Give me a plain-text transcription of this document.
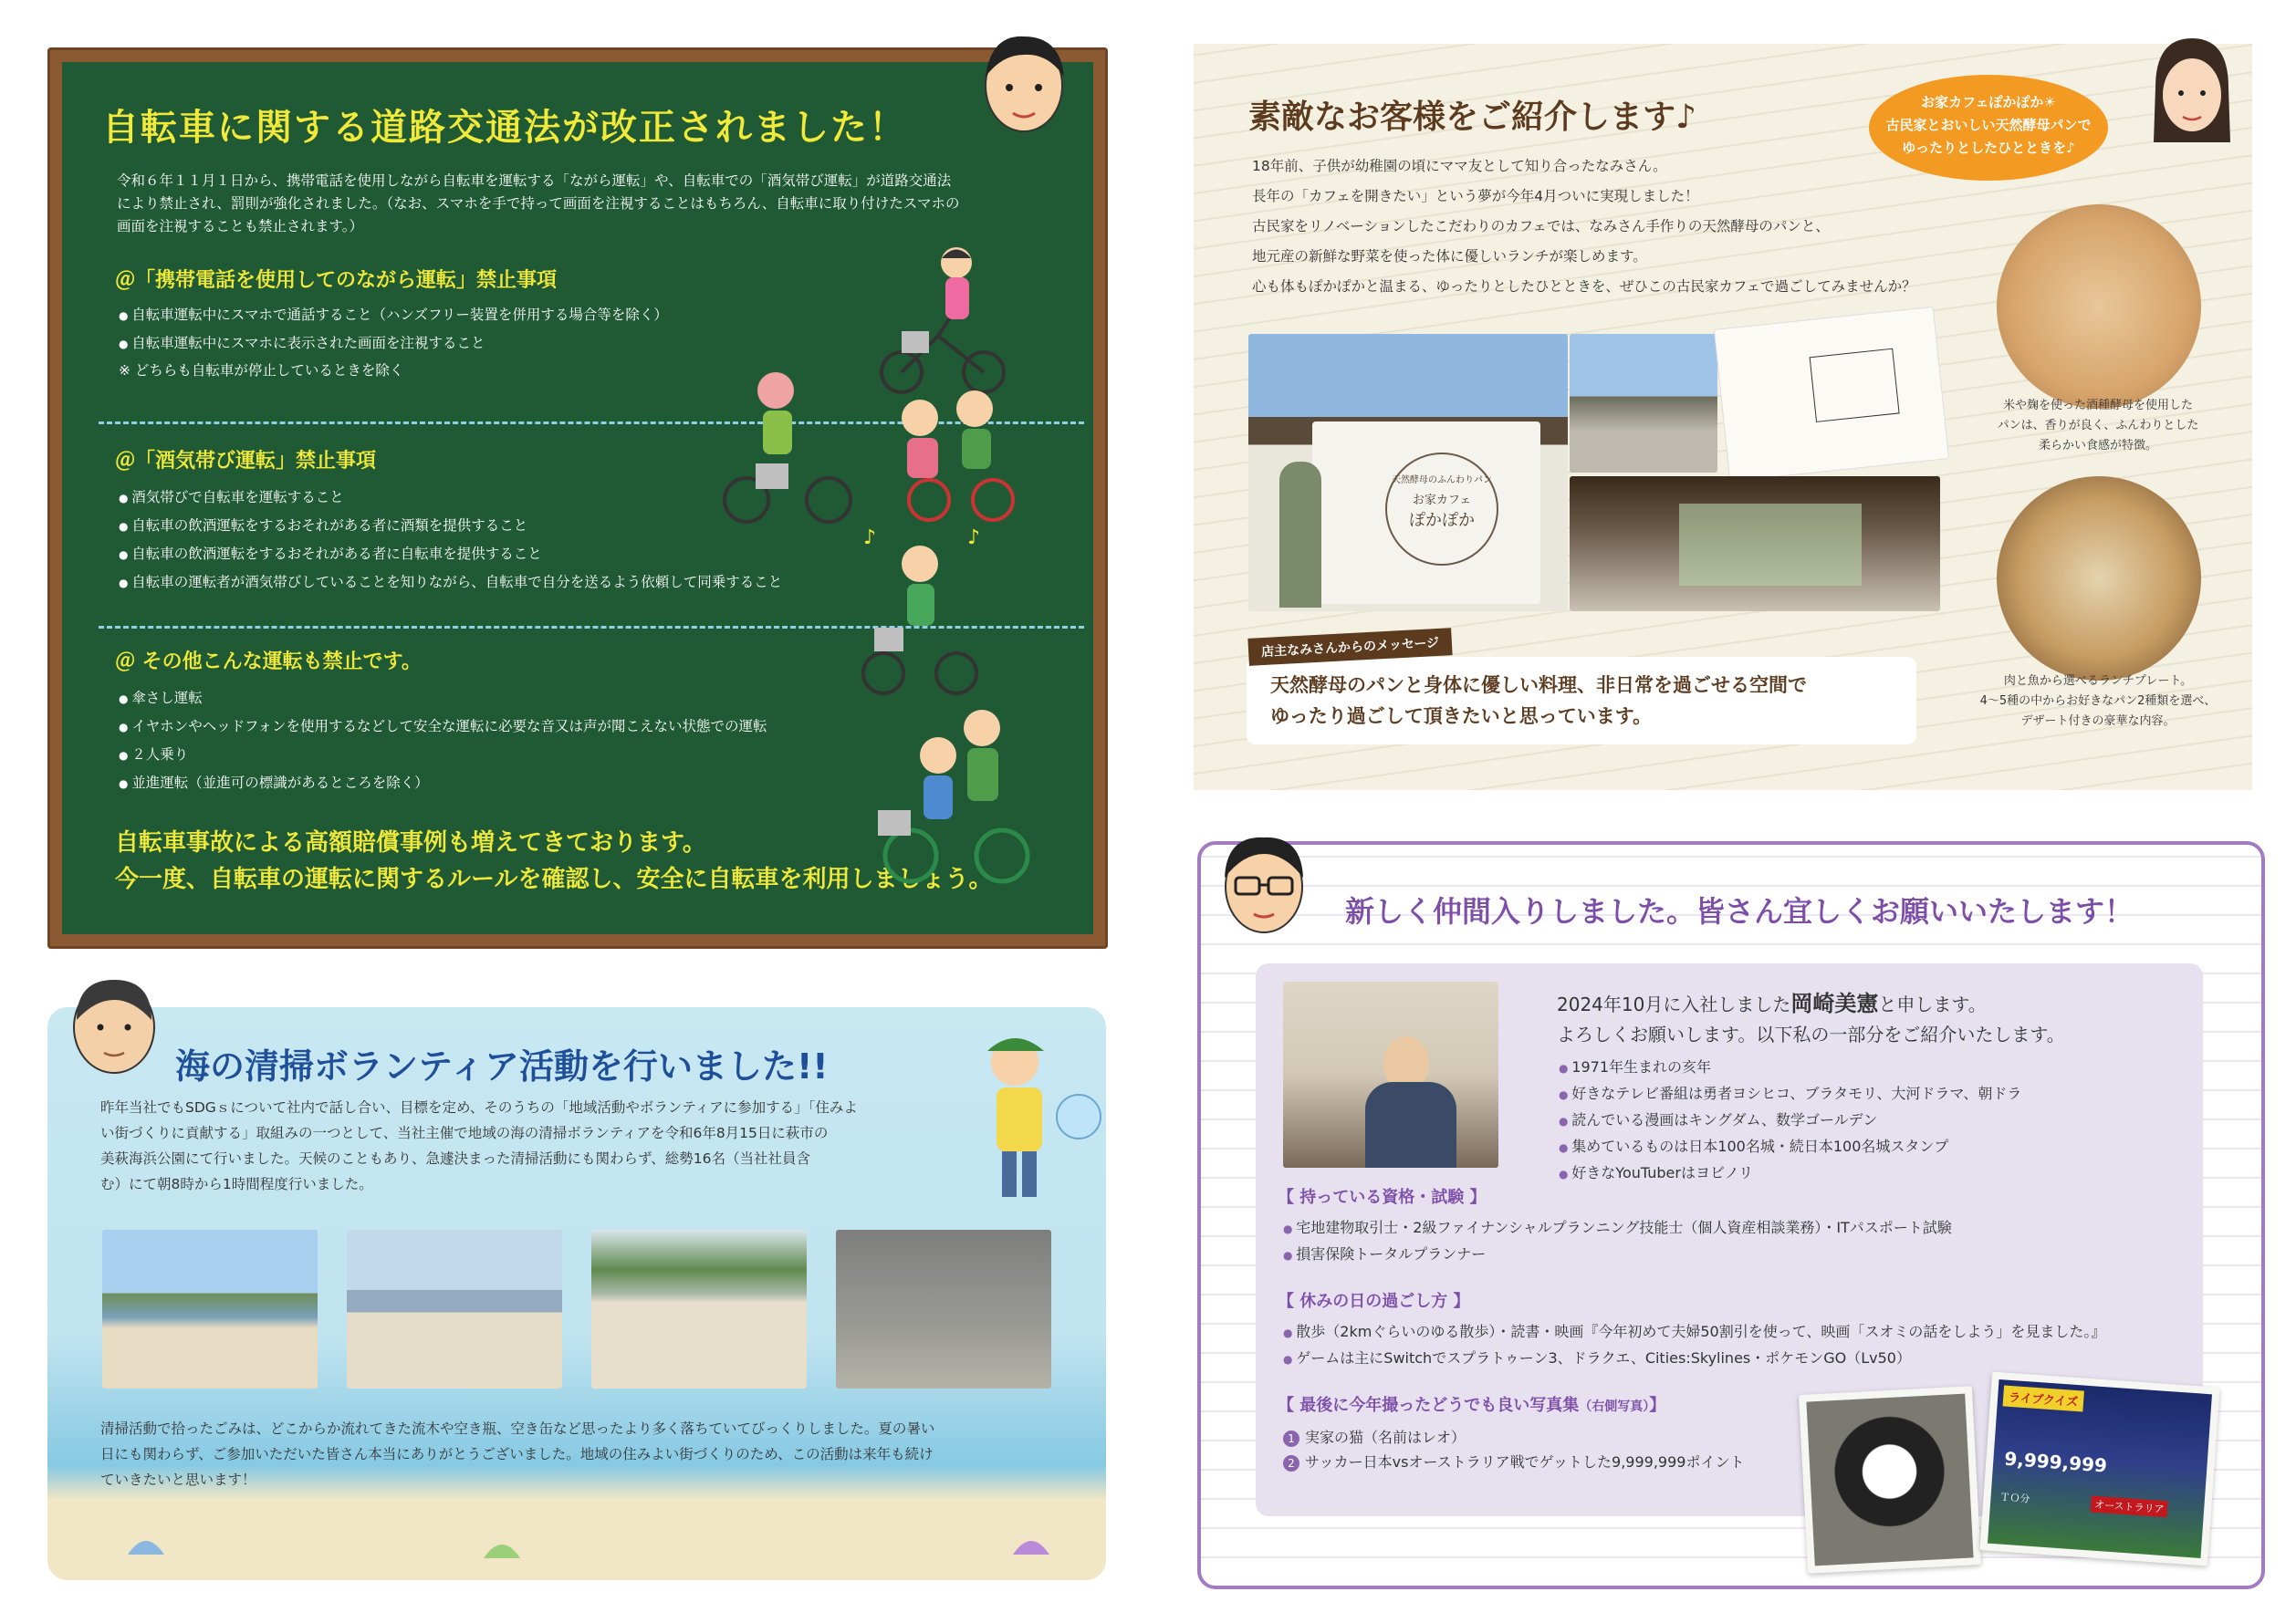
自転車に関する道路交通法が改正されました！
令和６年１１月１日から、携帯電話を使用しながら自転車を運転する「ながら運転」や、自転車での「酒気帯び運転」が道路交通法
により禁止され、罰則が強化されました。（なお、スマホを手で持って画面を注視することはもちろん、自転車に取り付けたスマホの
画面を注視することも禁止されます。）
＠「携帯電話を使用してのながら運転」禁止事項
● 自転車運転中にスマホで通話すること（ハンズフリー装置を併用する場合等を除く）
● 自転車運転中にスマホに表示された画面を注視すること
※ どちらも自転車が停止しているときを除く
＠「酒気帯び運転」禁止事項
● 酒気帯びで自転車を運転すること
● 自転車の飲酒運転をするおそれがある者に酒類を提供すること
● 自転車の飲酒運転をするおそれがある者に自転車を提供すること
● 自転車の運転者が酒気帯びしていることを知りながら、自転車で自分を送るよう依頼して同乗すること
＠ その他こんな運転も禁止です。
● 傘さし運転
● イヤホンやヘッドフォンを使用するなどして安全な運転に必要な音又は声が聞こえない状態での運転
● ２人乗り
● 並進運転（並進可の標識があるところを除く）
自転車事故による高額賠償事例も増えてきております。
今一度、自転車の運転に関するルールを確認し、安全に自転車を利用しましょう。
♪	♪
素敵なお客様をご紹介します♪	お家カフェぽかぽか☀
古民家とおいしい天然酵母パンで
ゆったりとしたひとときを♪
18年前、子供が幼稚園の頃にママ友として知り合ったなみさん。
長年の「カフェを開きたい」という夢が今年4月ついに実現しました！
古民家をリノベーションしたこだわりのカフェでは、なみさん手作りの天然酵母のパンと、
地元産の新鮮な野菜を使った体に優しいランチが楽しめます。
心も体もぽかぽかと温まる、ゆったりとしたひとときを、ぜひこの古民家カフェで過ごしてみませんか？
天然酵母のふんわりパン
お家カフェ
ぽかぽか
米や麹を使った酒種酵母を使用した
パンは、香りが良く、ふんわりとした
柔らかい食感が特徴。
肉と魚から選べるランチプレート。
4～5種の中からお好きなパン2種類を選べ、
デザート付きの豪華な内容。
天然酵母のパンと身体に優しい料理、非日常を過ごせる空間で
ゆったり過ごして頂きたいと思っています。
店主なみさんからのメッセージ
海の清掃ボランティア活動を行いました!!
昨年当社でもSDGｓについて社内で話し合い、目標を定め、そのうちの「地域活動やボランティアに参加する」「住みよ
い街づくりに貢献する」取組みの一つとして、当社主催で地域の海の清掃ボランティアを令和6年8月15日に萩市の
美萩海浜公園にて行いました。天候のこともあり、急遽決まった清掃活動にも関わらず、総勢16名（当社社員含
む）にて朝8時から1時間程度行いました。
清掃活動で拾ったごみは、どこからか流れてきた流木や空き瓶、空き缶など思ったより多く落ちていてびっくりしました。夏の暑い
日にも関わらず、ご参加いただいた皆さん本当にありがとうございました。地域の住みよい街づくりのため、この活動は来年も続け
ていきたいと思います！
新しく仲間入りしました。皆さん宜しくお願いいたします！
2024年10月に入社しました岡崎美憲と申します。
よろしくお願いします。以下私の一部分をご紹介いたします。
● 1971年生まれの亥年
● 好きなテレビ番組は勇者ヨシヒコ、ブラタモリ、大河ドラマ、朝ドラ
● 読んでいる漫画はキングダム、数学ゴールデン
● 集めているものは日本100名城・続日本100名城スタンプ
● 好きなYouTuberはヨビノリ
【 持っている資格・試験 】
● 宅地建物取引士・2級ファイナンシャルプランニング技能士（個人資産相談業務）・ITパスポート試験
● 損害保険トータルプランナー
【 休みの日の過ごし方 】
● 散歩（2kmぐらいのゆる散歩）・読書・映画『今年初めて夫婦50割引を使って、映画「スオミの話をしよう」を見ました。』
● ゲームは主にSwitchでスプラトゥーン3、ドラクエ、Cities:Skylines・ポケモンGO（Lv50）
【 最後に今年撮ったどうでも良い写真集（右側写真）】
1 実家の猫（名前はレオ）
2 サッカー日本vsオーストラリア戦でゲットした9,999,999ポイント
ライブクイズ
9,999,999
ＴＯ分
オーストラリア
